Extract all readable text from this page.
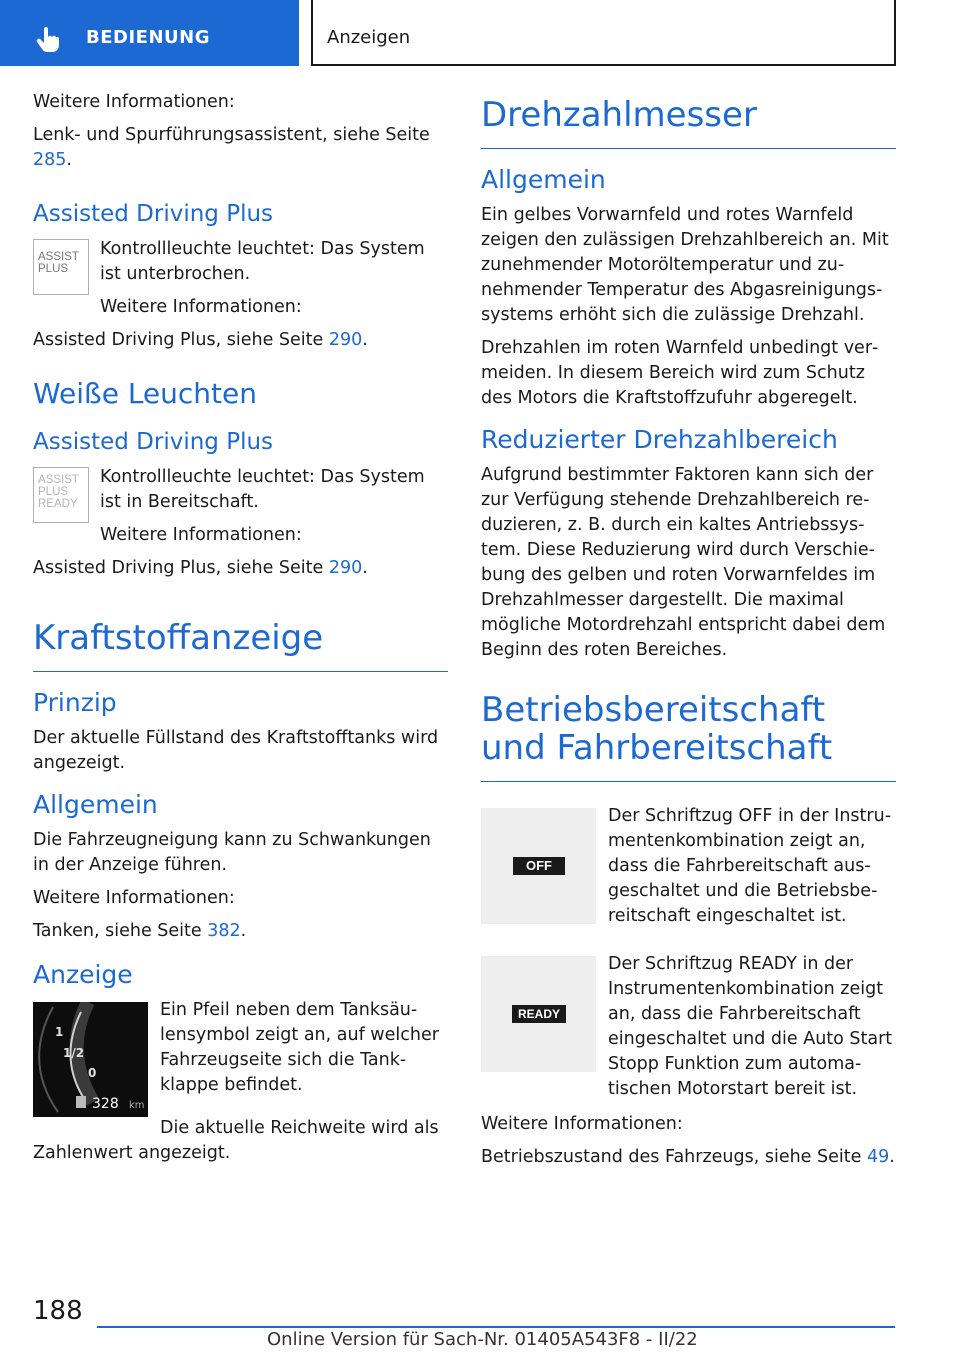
BEDIENUNG	Anzeigen

Weitere Informationen:

Lenk- und Spurführungsassistent, siehe Seite 285.

Assisted Driving Plus
ASSIST PLUS

Kontrollleuchte leuchtet: Das System ist unterbrochen.

Weitere Informationen:

Assisted Driving Plus, siehe Seite 290.

Weiße Leuchten
Assisted Driving Plus
ASSIST PLUS READY

Kontrollleuchte leuchtet: Das System ist in Bereitschaft.

Weitere Informationen:

Assisted Driving Plus, siehe Seite 290.

Kraftstoffanzeige
Prinzip

Der aktuelle Füllstand des Kraftstofftanks wird angezeigt.

Allgemein

Die Fahrzeugneigung kann zu Schwankungen in der Anzeige führen.

Weitere Informationen:

Tanken, siehe Seite 382.

Anzeige
1
1/2
0
328 km

Ein Pfeil neben dem Tanksäulensymbol zeigt an, auf welcher Fahrzeugseite sich die Tankklappe befindet.

Die aktuelle Reichweite wird als Zahlenwert angezeigt.

Drehzahlmesser
Allgemein

Ein gelbes Vorwarnfeld und rotes Warnfeld zeigen den zulässigen Drehzahlbereich an. Mit zunehmender Motoröltemperatur und zunehmender Temperatur des Abgasreinigungssystems erhöht sich die zulässige Drehzahl.

Drehzahlen im roten Warnfeld unbedingt vermeiden. In diesem Bereich wird zum Schutz des Motors die Kraftstoffzufuhr abgeregelt.

Reduzierter Drehzahlbereich

Aufgrund bestimmter Faktoren kann sich der zur Verfügung stehende Drehzahlbereich reduzieren, z. B. durch ein kaltes Antriebssystem. Diese Reduzierung wird durch Verschiebung des gelben und roten Vorwarnfeldes im Drehzahlmesser dargestellt. Die maximal mögliche Motordrehzahl entspricht dabei dem Beginn des roten Bereiches.

Betriebsbereitschaft und Fahrbereitschaft
OFF

Der Schriftzug OFF in der Instrumentenkombination zeigt an, dass die Fahrbereitschaft ausgeschaltet und die Betriebsbereitschaft eingeschaltet ist.

READY

Der Schriftzug READY in der Instrumentenkombination zeigt an, dass die Fahrbereitschaft eingeschaltet und die Auto Start Stopp Funktion zum automatischen Motorstart bereit ist.

Weitere Informationen:

Betriebszustand des Fahrzeugs, siehe Seite 49.

188
Online Version für Sach-Nr. 01405A543F8 - II/22
